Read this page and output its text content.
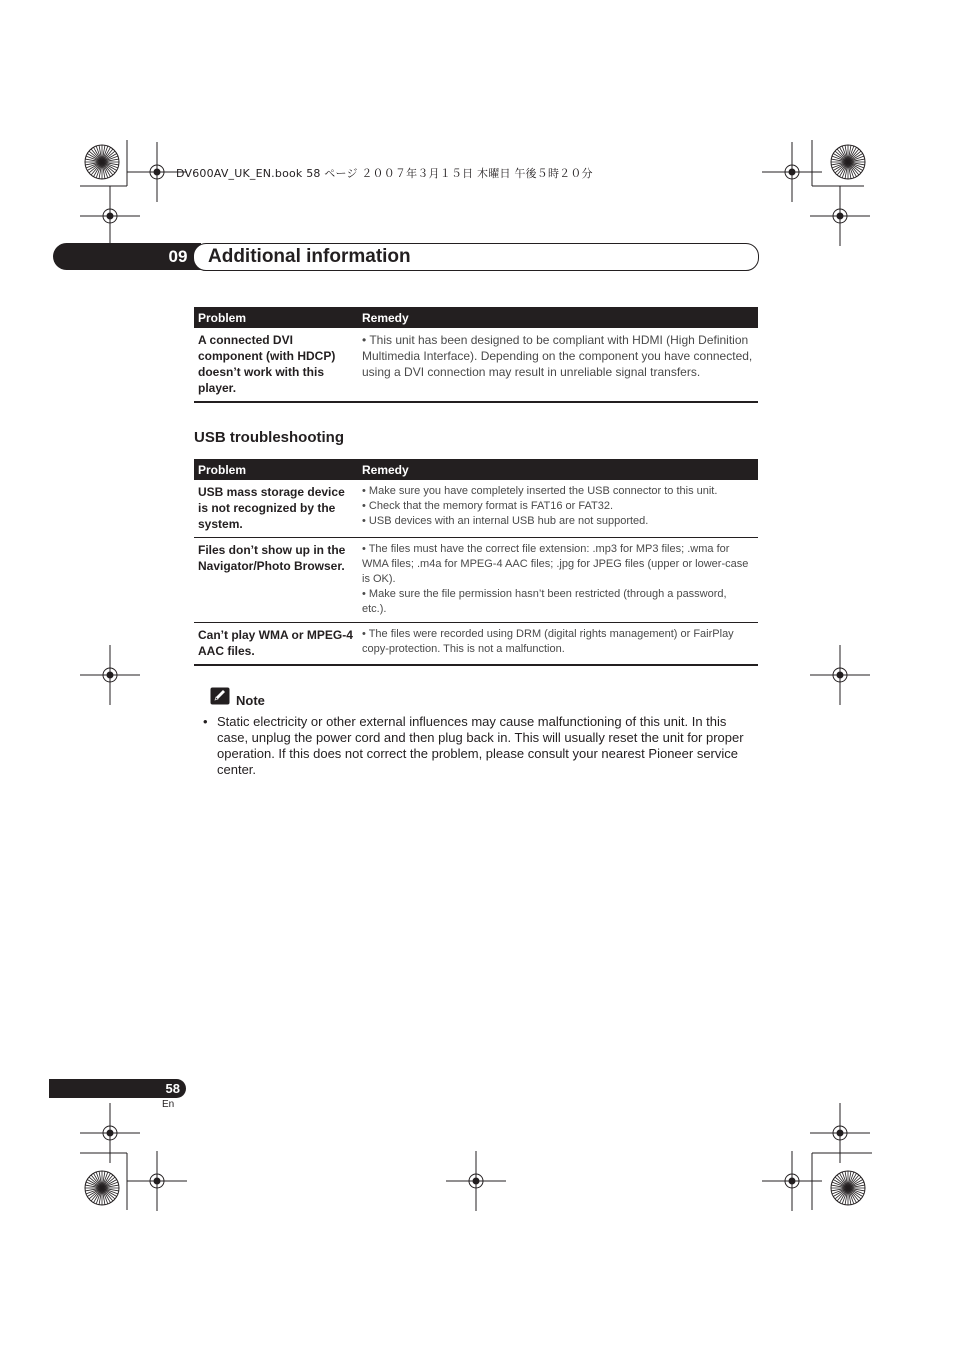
DV600AV_UK_EN.book 58 ページ ２００７年３月１５日 木曜日 午後５時２０分
09	Additional information
Problem	Remedy
A connected DVI component (with HDCP) doesn’t work with this player.	• This unit has been designed to be compliant with HDMI (High Definition Multimedia Interface). Depending on the component you have connected, using a DVI connection may result in unreliable signal transfers.
USB troubleshooting
Problem	Remedy
USB mass storage device is not recognized by the system.	• Make sure you have completely inserted the USB connector to this unit.
• Check that the memory format is FAT16 or FAT32.
• USB devices with an internal USB hub are not supported.

Files don’t show up in the Navigator/Photo Browser.	• The files must have the correct file extension: .mp3 for MP3 files; .wma for WMA files; .m4a for MPEG-4 AAC files; .jpg for JPEG files (upper or lower-case is OK).
• Make sure the file permission hasn’t been restricted (through a password, etc.).

Can’t play WMA or MPEG-4 AAC files.	• The files were recorded using DRM (digital rights management) or FairPlay copy-protection. This is not a malfunction.
Note
• Static electricity or other external influences may cause malfunctioning of this unit. In this case, unplug the power cord and then plug back in. This will usually reset the unit for proper operation. If this does not correct the problem, please consult your nearest Pioneer service center.
58
En
